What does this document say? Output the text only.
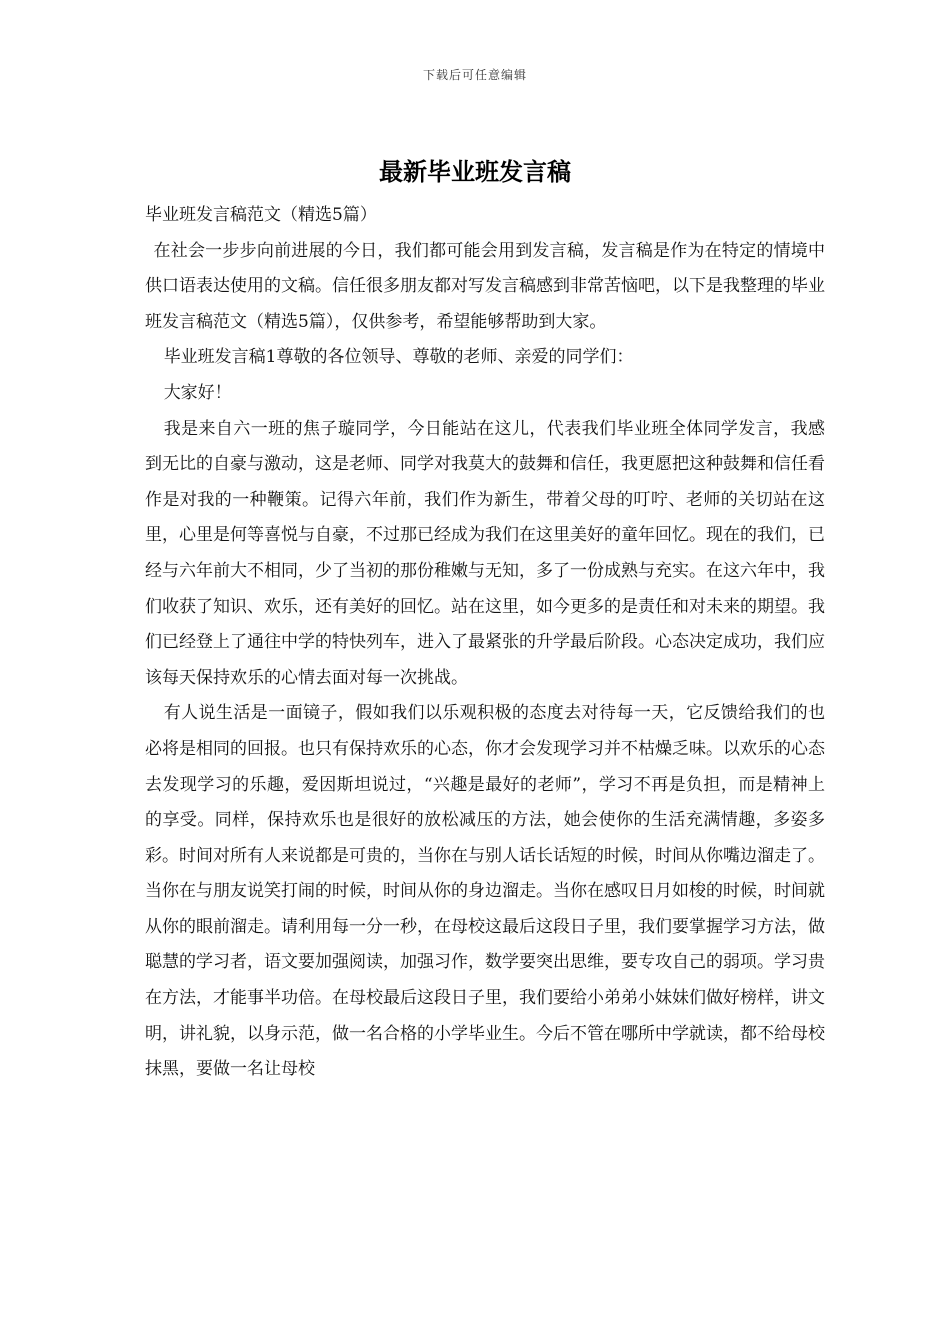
下载后可任意编辑
最新毕业班发言稿

毕业班发言稿范文（精选5篇）

在社会一步步向前进展的今日，我们都可能会用到发言稿，发言稿是作为在特定的情境中供口语表达使用的文稿。信任很多朋友都对写发言稿感到非常苦恼吧，以下是我整理的毕业班发言稿范文（精选5篇），仅供参考，希望能够帮助到大家。

毕业班发言稿1尊敬的各位领导、尊敬的老师、亲爱的同学们：

大家好！

我是来自六一班的焦子璇同学，今日能站在这儿，代表我们毕业班全体同学发言，我感到无比的自豪与激动，这是老师、同学对我莫大的鼓舞和信任，我更愿把这种鼓舞和信任看作是对我的一种鞭策。记得六年前，我们作为新生，带着父母的叮咛、老师的关切站在这里，心里是何等喜悦与自豪，不过那已经成为我们在这里美好的童年回忆。现在的我们，已经与六年前大不相同，少了当初的那份稚嫩与无知，多了一份成熟与充实。在这六年中，我们收获了知识、欢乐，还有美好的回忆。站在这里，如今更多的是责任和对未来的期望。我们已经登上了通往中学的特快列车，进入了最紧张的升学最后阶段。心态决定成功，我们应该每天保持欢乐的心情去面对每一次挑战。

有人说生活是一面镜子，假如我们以乐观积极的态度去对待每一天，它反馈给我们的也必将是相同的回报。也只有保持欢乐的心态，你才会发现学习并不枯燥乏味。以欢乐的心态去发现学习的乐趣，爱因斯坦说过，“兴趣是最好的老师”，学习不再是负担，而是精神上的享受。同样，保持欢乐也是很好的放松减压的方法，她会使你的生活充满情趣，多姿多彩。时间对所有人来说都是可贵的，当你在与别人话长话短的时候，时间从你嘴边溜走了。当你在与朋友说笑打闹的时候，时间从你的身边溜走。当你在感叹日月如梭的时候，时间就从你的眼前溜走。请利用每一分一秒，在母校这最后这段日子里，我们要掌握学习方法，做聪慧的学习者，语文要加强阅读，加强习作，数学要突出思维，要专攻自己的弱项。学习贵在方法，才能事半功倍。在母校最后这段日子里，我们要给小弟弟小妹妹们做好榜样，讲文明，讲礼貌，以身示范，做一名合格的小学毕业生。今后不管在哪所中学就读，都不给母校抹黑，要做一名让母校
